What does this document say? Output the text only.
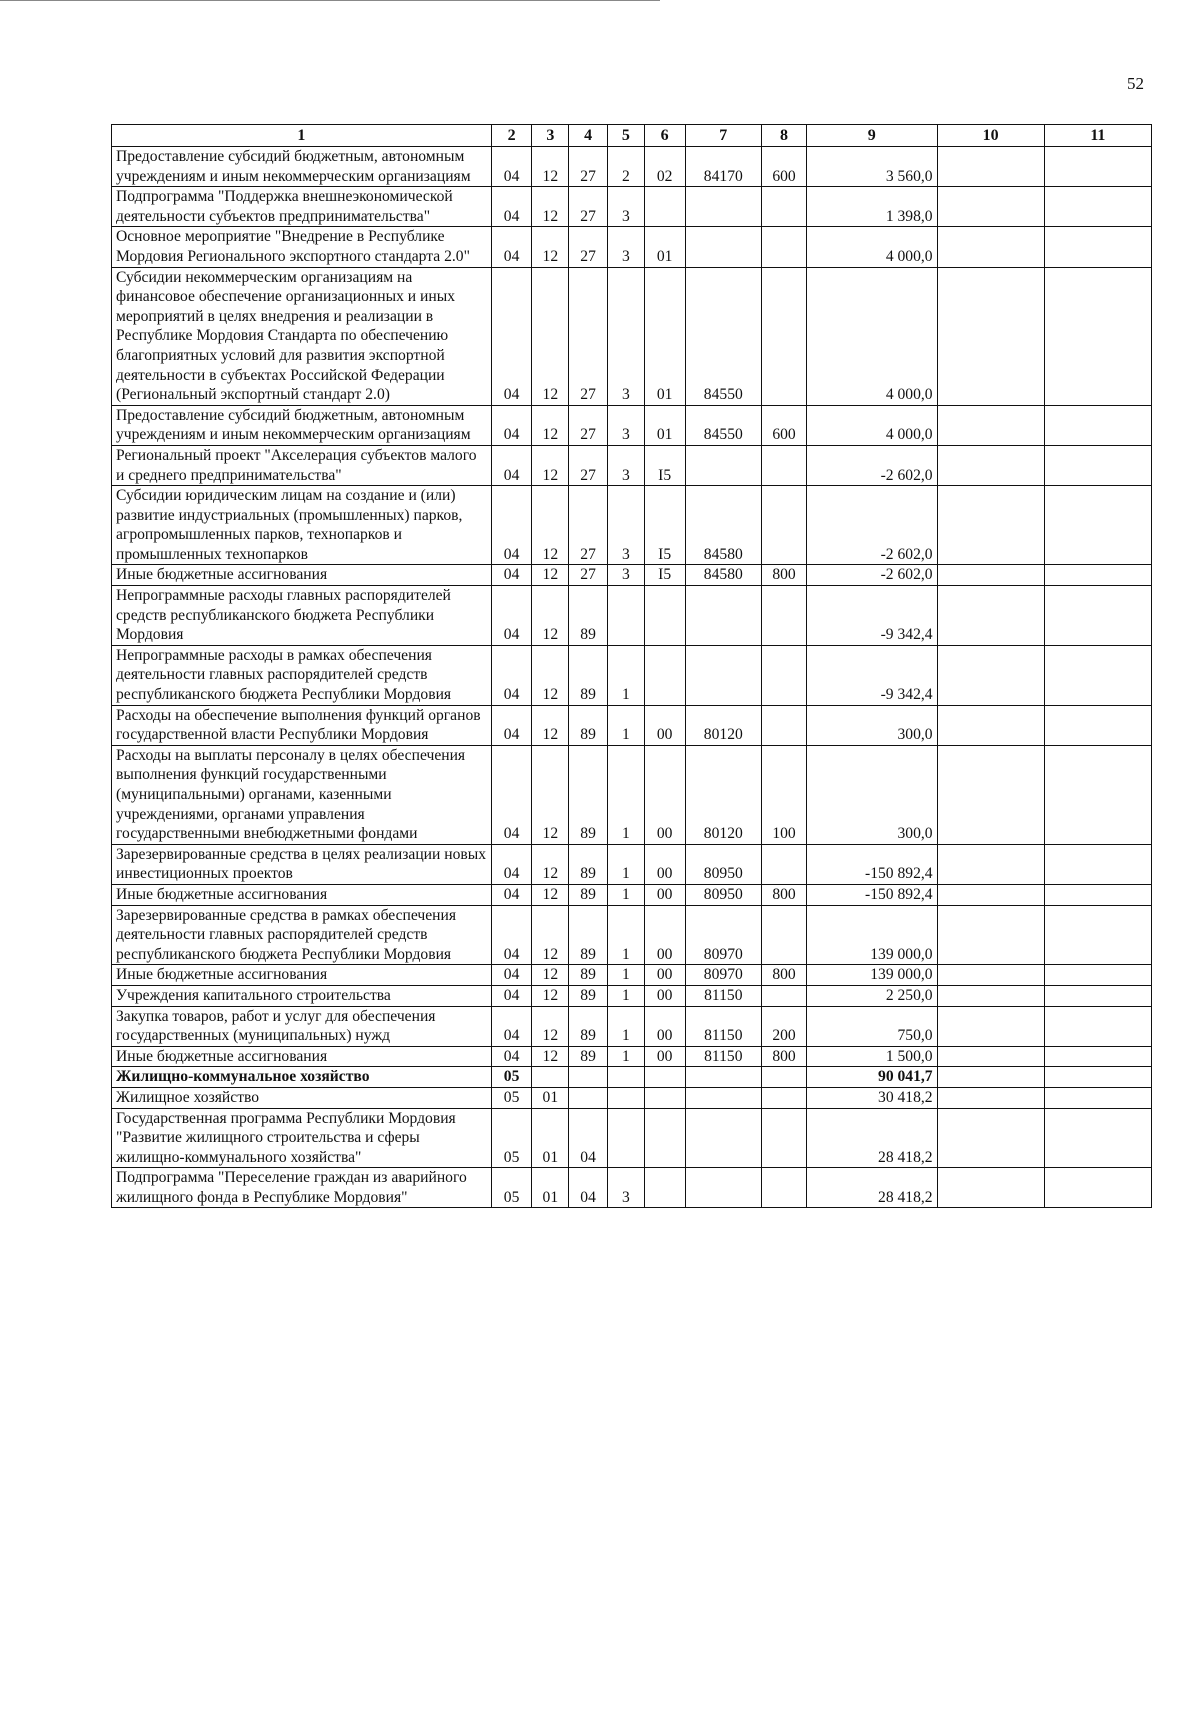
52
1	2	3	4	5	6	7	8	9	10	11
Предоставление субсидий бюджетным, автономным учреждениям и иным некоммерческим организациям	04	12	27	2	02	84170	600	3 560,0		
Подпрограмма "Поддержка внешнеэкономической деятельности субъектов предпринимательства"	04	12	27	3				1 398,0		
Основное мероприятие "Внедрение в Республике Мордовия Регионального экспортного стандарта 2.0"	04	12	27	3	01			4 000,0		
Субсидии некоммерческим организациям на финансовое обеспечение организационных и иных мероприятий в целях внедрения и реализации в Республике Мордовия Стандарта по обеспечению благоприятных условий для развития экспортной деятельности в субъектах Российской Федерации (Региональный экспортный стандарт 2.0)	04	12	27	3	01	84550		4 000,0		
Предоставление субсидий бюджетным, автономным учреждениям и иным некоммерческим организациям	04	12	27	3	01	84550	600	4 000,0		
Региональный проект "Акселерация субъектов малого и среднего предпринимательства"	04	12	27	3	I5			-2 602,0		
Субсидии юридическим лицам на создание и (или) развитие индустриальных (промышленных) парков, агропромышленных парков, технопарков и промышленных технопарков	04	12	27	3	I5	84580		-2 602,0		
Иные бюджетные ассигнования	04	12	27	3	I5	84580	800	-2 602,0		
Непрограммные расходы главных распорядителей средств республиканского бюджета Республики Мордовия	04	12	89					-9 342,4		
Непрограммные расходы в рамках обеспечения деятельности главных распорядителей средств республиканского бюджета Республики Мордовия	04	12	89	1				-9 342,4		
Расходы на обеспечение выполнения функций органов государственной власти Республики Мордовия	04	12	89	1	00	80120		300,0		
Расходы на выплаты персоналу в целях обеспечения выполнения функций государственными (муниципальными) органами, казенными учреждениями, органами управления государственными внебюджетными фондами	04	12	89	1	00	80120	100	300,0		
Зарезервированные средства в целях реализации новых инвестиционных проектов	04	12	89	1	00	80950		-150 892,4		
Иные бюджетные ассигнования	04	12	89	1	00	80950	800	-150 892,4		
Зарезервированные средства в рамках обеспечения деятельности главных распорядителей средств республиканского бюджета Республики Мордовия	04	12	89	1	00	80970		139 000,0		
Иные бюджетные ассигнования	04	12	89	1	00	80970	800	139 000,0		
Учреждения капитального строительства	04	12	89	1	00	81150		2 250,0		
Закупка товаров, работ и услуг для обеспечения государственных (муниципальных) нужд	04	12	89	1	00	81150	200	750,0		
Иные бюджетные ассигнования	04	12	89	1	00	81150	800	1 500,0		
Жилищно-коммунальное хозяйство	05							90 041,7		
Жилищное хозяйство	05	01						30 418,2		
Государственная программа Республики Мордовия "Развитие жилищного строительства и сферы жилищно-коммунального хозяйства"	05	01	04					28 418,2		
Подпрограмма "Переселение граждан из аварийного жилищного фонда в Республике Мордовия"	05	01	04	3				28 418,2		
